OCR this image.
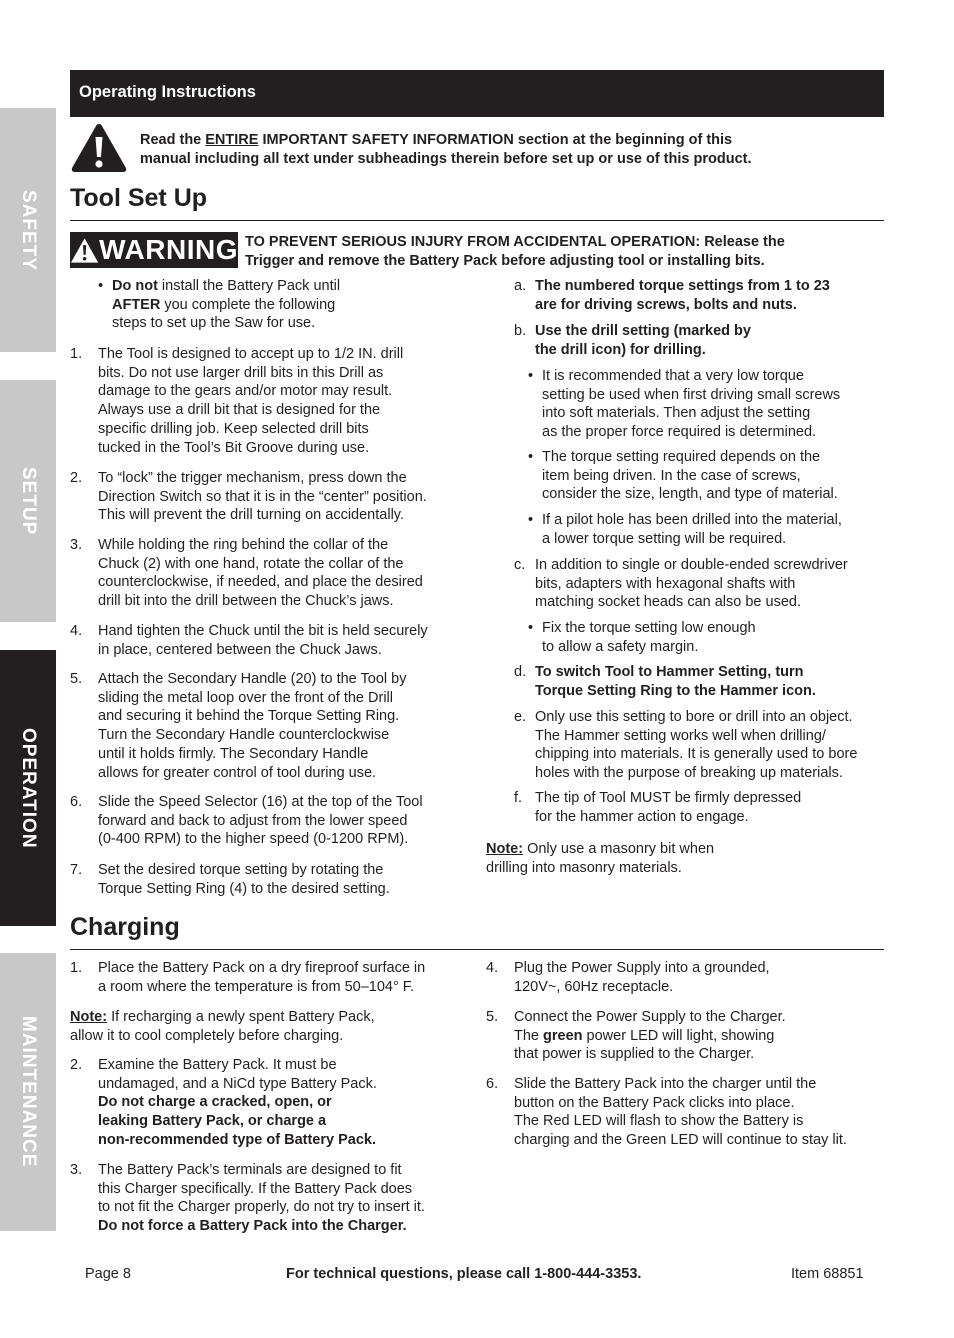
SAFETY
SETUP
OPERATION
MAINTENANCE
Operating Instructions
Read the ENTIRE IMPORTANT SAFETY INFORMATION section at the beginning of this
manual including all text under subheadings therein before set up or use of this product.
Tool Set Up
WARNING TO PREVENT SERIOUS INJURY FROM ACCIDENTAL OPERATION: Release the
Trigger and remove the Battery Pack before adjusting tool or installing bits.
• Do not install the Battery Pack until
AFTER you complete the following
steps to set up the Saw for use.
1. The Tool is designed to accept up to 1/2 IN. drill
bits. Do not use larger drill bits in this Drill as
damage to the gears and/or motor may result.
Always use a drill bit that is designed for the
specific drilling job. Keep selected drill bits
tucked in the Tool’s Bit Groove during use.
2. To “lock” the trigger mechanism, press down the
Direction Switch so that it is in the “center” position.
This will prevent the drill turning on accidentally.
3. While holding the ring behind the collar of the
Chuck (2) with one hand, rotate the collar of the
counterclockwise, if needed, and place the desired
drill bit into the drill between the Chuck’s jaws.
4. Hand tighten the Chuck until the bit is held securely
in place, centered between the Chuck Jaws.
5. Attach the Secondary Handle (20) to the Tool by
sliding the metal loop over the front of the Drill
and securing it behind the Torque Setting Ring.
Turn the Secondary Handle counterclockwise
until it holds firmly. The Secondary Handle
allows for greater control of tool during use.
6. Slide the Speed Selector (16) at the top of the Tool
forward and back to adjust from the lower speed
(0-400 RPM) to the higher speed (0-1200 RPM).
7. Set the desired torque setting by rotating the
Torque Setting Ring (4) to the desired setting.
a. The numbered torque settings from 1 to 23
are for driving screws, bolts and nuts.
b. Use the drill setting (marked by
the drill icon) for drilling.
• It is recommended that a very low torque
setting be used when first driving small screws
into soft materials. Then adjust the setting
as the proper force required is determined.
• The torque setting required depends on the
item being driven. In the case of screws,
consider the size, length, and type of material.
• If a pilot hole has been drilled into the material,
a lower torque setting will be required.
c. In addition to single or double-ended screwdriver
bits, adapters with hexagonal shafts with
matching socket heads can also be used.
• Fix the torque setting low enough
to allow a safety margin.
d. To switch Tool to Hammer Setting, turn
Torque Setting Ring to the Hammer icon.
e. Only use this setting to bore or drill into an object.
The Hammer setting works well when drilling/
chipping into materials. It is generally used to bore
holes with the purpose of breaking up materials.
f. The tip of Tool MUST be firmly depressed
for the hammer action to engage.
Note: Only use a masonry bit when
drilling into masonry materials.
Charging
1. Place the Battery Pack on a dry fireproof surface in
a room where the temperature is from 50–104° F.
Note: If recharging a newly spent Battery Pack,
allow it to cool completely before charging.
2. Examine the Battery Pack. It must be
undamaged, and a NiCd type Battery Pack.
Do not charge a cracked, open, or
leaking Battery Pack, or charge a
non-recommended type of Battery Pack.
3. The Battery Pack’s terminals are designed to fit
this Charger specifically. If the Battery Pack does
to not fit the Charger properly, do not try to insert it.
Do not force a Battery Pack into the Charger.
4. Plug the Power Supply into a grounded,
120V~, 60Hz receptacle.
5. Connect the Power Supply to the Charger.
The green power LED will light, showing
that power is supplied to the Charger.
6. Slide the Battery Pack into the charger until the
button on the Battery Pack clicks into place.
The Red LED will flash to show the Battery is
charging and the Green LED will continue to stay lit.
Page 8	For technical questions, please call 1-800-444-3353.	Item 68851
